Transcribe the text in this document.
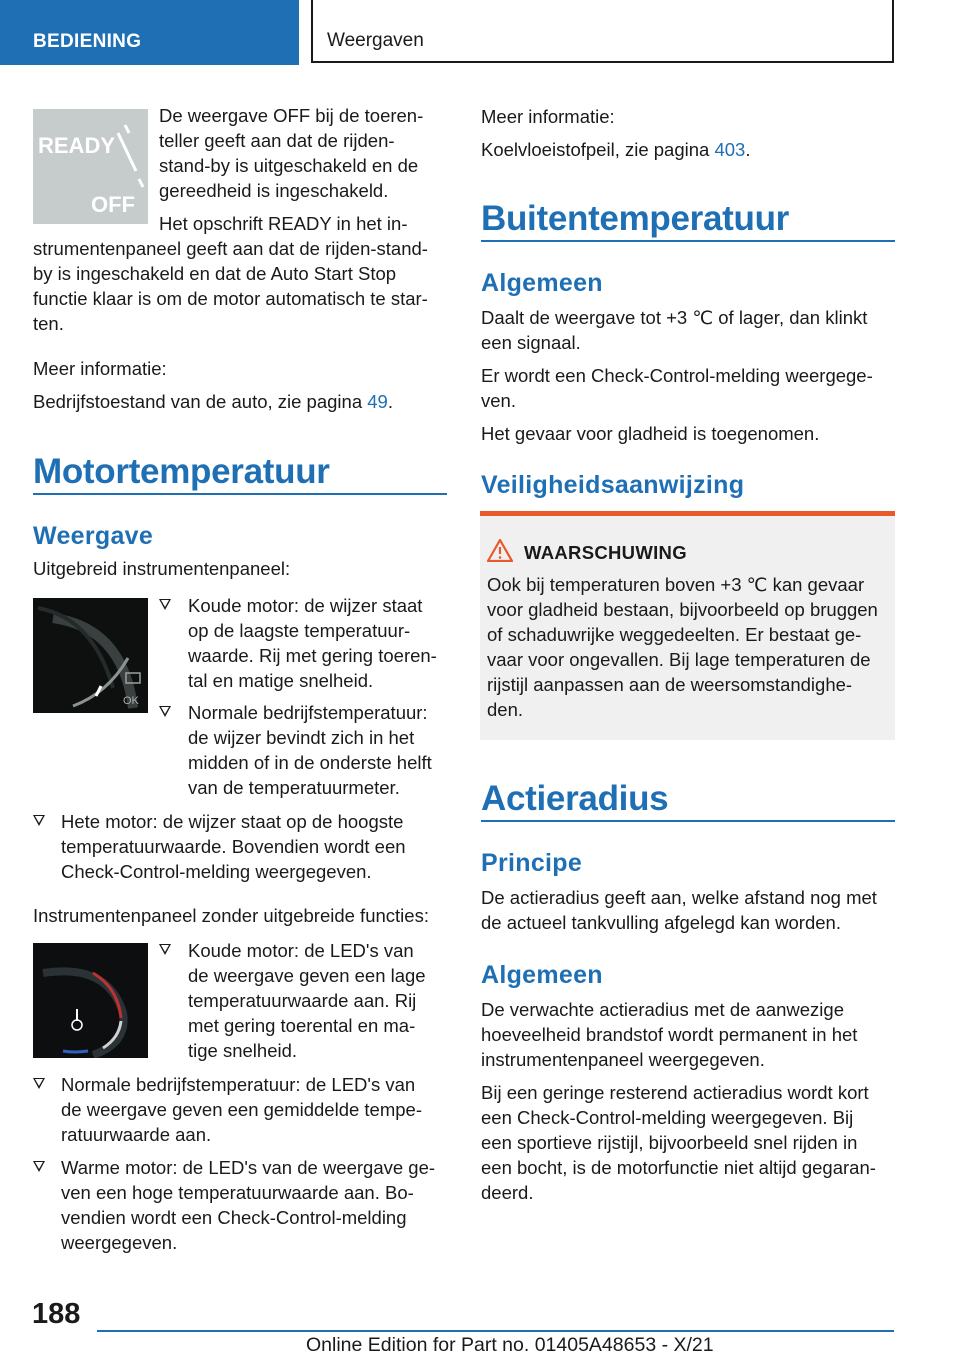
BEDIENING	Weergaven
READY
OFF

De weergave OFF bij de toeren-

teller geeft aan dat de rijden-

stand-by is uitgeschakeld en de

gereedheid is ingeschakeld.

Het opschrift READY in het in-

strumentenpaneel geeft aan dat de rijden-stand-

by is ingeschakeld en dat de Auto Start Stop

functie klaar is om de motor automatisch te star-

ten.

Meer informatie:

Bedrijfstoestand van de auto, zie pagina 49.

Motortemperatuur
Weergave

Uitgebreid instrumentenpaneel:

OK

Koude motor: de wijzer staat

op de laagste temperatuur-

waarde. Rij met gering toeren-

tal en matige snelheid.

Normale bedrijfstemperatuur:

de wijzer bevindt zich in het

midden of in de onderste helft

van de temperatuurmeter.

Hete motor: de wijzer staat op de hoogste

temperatuurwaarde. Bovendien wordt een

Check-Control-melding weergegeven.

Instrumentenpaneel zonder uitgebreide functies:

Koude motor: de LED's van

de weergave geven een lage

temperatuurwaarde aan. Rij

met gering toerental en ma-

tige snelheid.

Normale bedrijfstemperatuur: de LED's van

de weergave geven een gemiddelde tempe-

ratuurwaarde aan.

Warme motor: de LED's van de weergave ge-

ven een hoge temperatuurwaarde aan. Bo-

vendien wordt een Check-Control-melding

weergegeven.

Meer informatie:

Koelvloeistofpeil, zie pagina 403.

Buitentemperatuur
Algemeen

Daalt de weergave tot +3 ℃ of lager, dan klinkt

een signaal.

Er wordt een Check-Control-melding weergege-

ven.

Het gevaar voor gladheid is toegenomen.

Veiligheidsaanwijzing
WAARSCHUWING

Ook bij temperaturen boven +3 ℃ kan gevaar

voor gladheid bestaan, bijvoorbeeld op bruggen

of schaduwrijke weggedeelten. Er bestaat ge-

vaar voor ongevallen. Bij lage temperaturen de

rijstijl aanpassen aan de weersomstandighe-

den.

Actieradius
Principe

De actieradius geeft aan, welke afstand nog met

de actueel tankvulling afgelegd kan worden.

Algemeen

De verwachte actieradius met de aanwezige

hoeveelheid brandstof wordt permanent in het

instrumentenpaneel weergegeven.

Bij een geringe resterend actieradius wordt kort

een Check-Control-melding weergegeven. Bij

een sportieve rijstijl, bijvoorbeeld snel rijden in

een bocht, is de motorfunctie niet altijd gegaran-

deerd.

188
Online Edition for Part no. 01405A48653 - X/21
